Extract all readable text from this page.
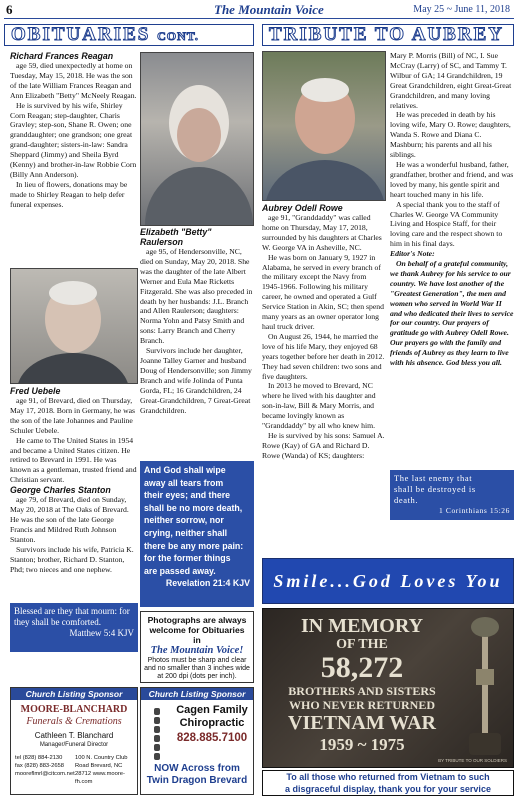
6	The Mountain Voice	May 25 ~ June 11, 2018
OBITUARIES CONT.	TRIBUTE TO AUBREY
Richard Frances Reagan

age 59, died unexpectedly at home on Tuesday, May 15, 2018. He was the son of the late William Frances Reagan and Ann Elizabeth "Betty" McNeely Reagan.

He is survived by his wife, Shirley Corn Reagan; step-daughter, Charis Gravley; step-son, Shane R. Owen; one granddaughter; one grandson; one great grand-daughter; sisters-in-law: Sandra Sheppard (Jimmy) and Sheila Byrd (Kenny) and brother-in-law Robbie Corn (Billy Ann Anderson).

In lieu of flowers, donations may be made to Shirley Reagan to help defer funeral expenses.

Elizabeth "Betty" Raulerson

age 95, of Hendersonville, NC, died on Sunday, May 20, 2018. She was the daughter of the late Albert Werner and Eula Mae Ricketts Fitzgerald. She was also preceded in death by her husbands: J.L. Branch and Allen Raulerson; daughters: Norma Yohn and Patsy Smith and sons: Larry Branch and Cherry Branch.

Survivors include her daughter, Joanne Talley Garner and husband Doug of Hendersonville; son Jimmy Branch and wife Jolinda of Punta Gorda, FL; 16 Grandchildren, 24 Great-Grandchildren, 7 Great-Great Grandchildren.

Fred Uebele

age 91, of Brevard, died on Thursday, May 17, 2018. Born in Germany, he was the son of the late Johannes and Pauline Schuler Uebele.

He came to The United States in 1954 and became a United States citizen. He retired to Brevard in 1991. He was known as a gentleman, trusted friend and Christian servant.

George Charles Stanton

age 79, of Brevard, died on Sunday, May 20, 2018 at The Oaks of Brevard. He was the son of the late George Francis and Mildred Ruth Johnson Stanton.

Survivors include his wife, Patricia K. Stanton; brother, Richard D. Stanton, Phd; two nieces and one nephew.

Blessed are they that mourn: for
they shall be comforted.
Matthew 5:4 KJV
And God shall wipe
away all tears from
their eyes; and there
shall be no more death,
neither sorrow, nor
crying, neither shall
there be any more pain:
for the former things
are passed away.
Revelation 21:4 KJV
Photographs are always
welcome for Obituaries
in
The Mountain Voice!
Photos must be sharp and clear and no smaller than 3 inches wide at 200 dpi (dots per inch).
Church Listing Sponsor
MOORE-BLANCHARD
Funerals & Cremations
Cathleen T. Blanchard
Manager/Funeral Director
tel (828) 884-2130 fax (828) 883-2658 mooreflmrl@citcom.net
100 N. Country Club Road Brevard, NC 28712 www.moore-fh.com
Church Listing Sponsor
Cagen Family
Chiropractic
828.885.7100
NOW Across from
Twin Dragon Brevard
Aubrey Odell Rowe

age 91, "Granddaddy" was called home on Thursday, May 17, 2018, surrounded by his daughters at Charles W. George VA in Asheville, NC.

He was born on January 9, 1927 in Alabama, he served in every branch of the military except the Navy from 1945-1966. Following his military career, he owned and operated a Gulf Service Station in Akin, SC; then spend many years as an owner operator long haul truck driver.

On August 26, 1944, he married the love of his life Mary, they enjoyed 68 years together before her death in 2012. They had seven children: two sons and five daughters.

In 2013 he moved to Brevard, NC where he lived with his daughter and son-in-law, Bill & Mary Morris, and became lovingly known as "Granddaddy" by all who knew him.

He is survived by his sons: Samuel A. Rowe (Kay) of GA and Richard D. Rowe (Wanda) of KS; daughters:

Mary P. Morris (Bill) of NC, I. Sue McCray (Larry) of SC, and Tammy T. Wilbur of GA; 14 Grandchildren, 19 Great Grandchildren, eight Great-Great Grandchildren, and many loving relatives.

He was preceded in death by his loving wife, Mary O. Rowe; daughters, Wanda S. Rowe and Diana C. Mashburn; his parents and all his siblings.

He was a wonderful husband, father, grandfather, brother and friend, and was loved by many, his gentle spirit and heart touched many in his life.

A special thank you to the staff of Charles W. George VA Community Living and Hospice Staff, for their loving care and the respect shown to him in his final days.

Editor's Note:

On behalf of a grateful community, we thank Aubrey for his service to our country. We have lost another of the "Greatest Generation", the men and women who served in World War II and who dedicated their lives to service for our country. Our prayers of gratitude go with Aubrey Odell Rowe. Our prayers go with the family and friends of Aubrey as they learn to live with his absence. God bless you all.

The last enemy that
shall be destroyed is
death.
1 Corinthians 15:26
Smile...God Loves You
IN MEMORY
OF THE
58,272
BROTHERS AND SISTERS
WHO NEVER RETURNED
VIETNAM WAR
1959 ~ 1975
BY TRIBUTE TO OUR SOLDIERS
To all those who returned from Vietnam to such
a disgraceful display, thank you for your service
